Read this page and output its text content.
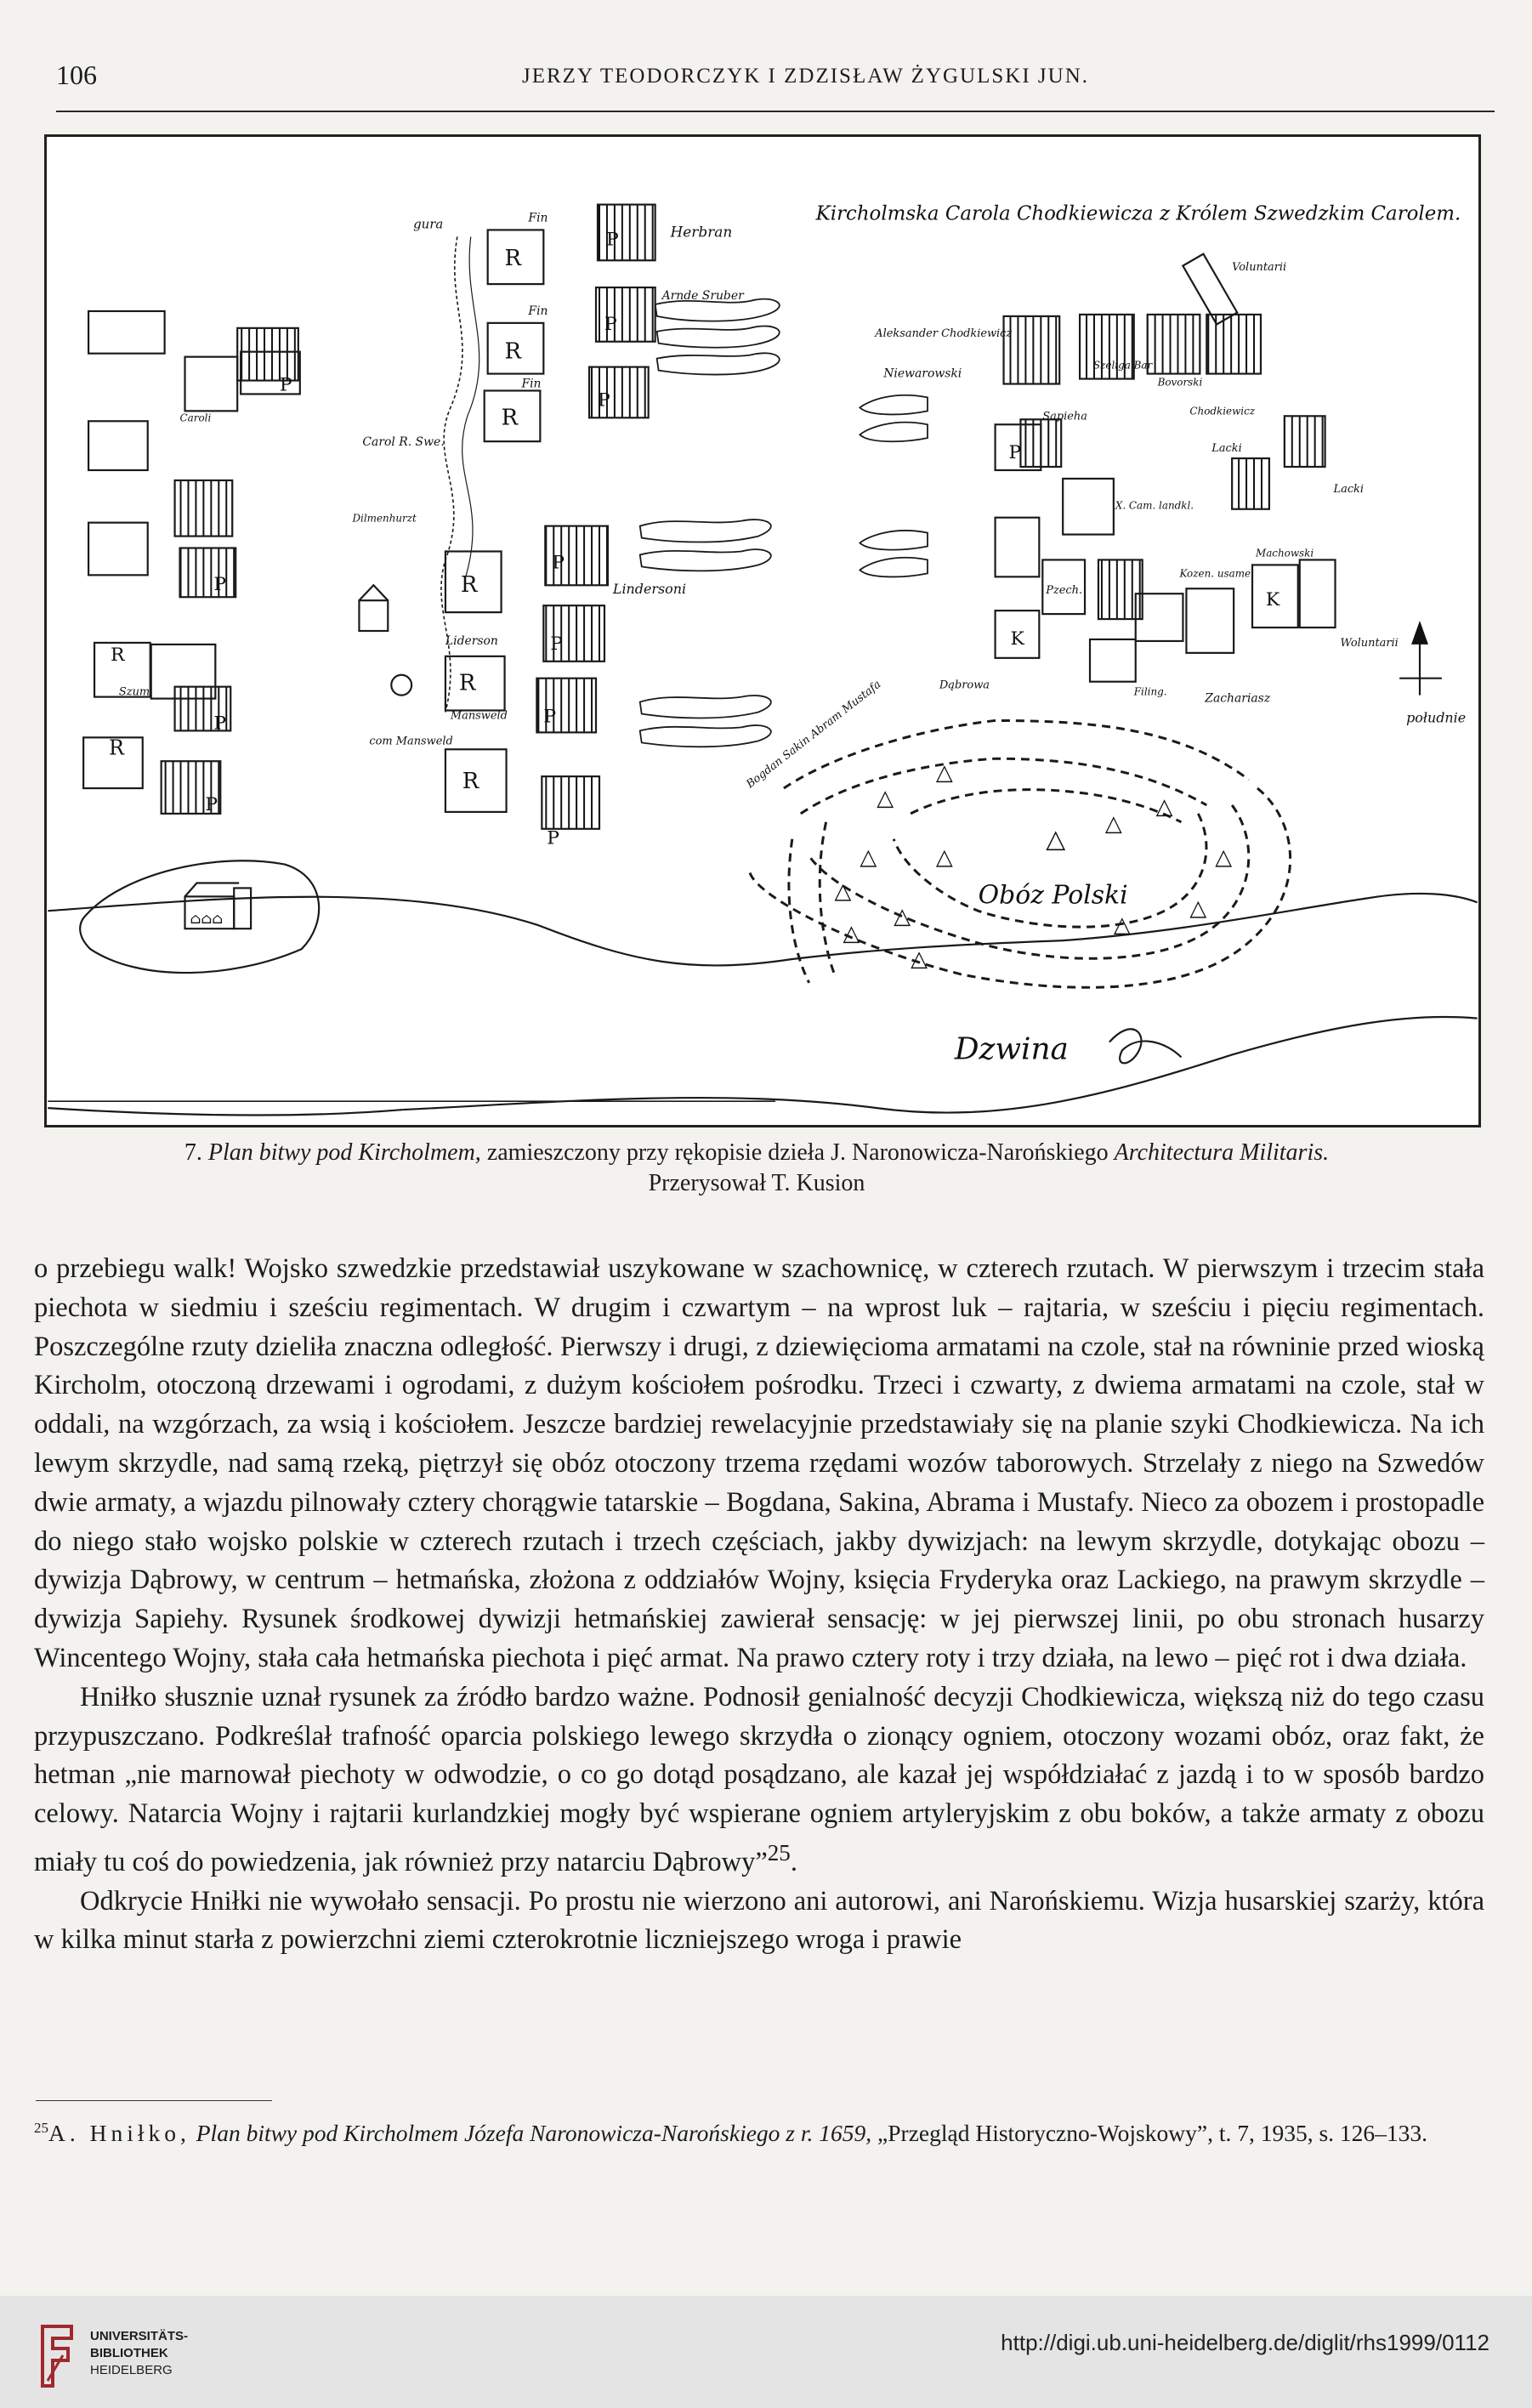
106	JERZY TEODORCZYK I ZDZISŁAW ŻYGULSKI JUN.
Kircholmska Carola Chodkiewicza z Królem Szwedzkim Carolem.
południe
⌂⌂⌂
Dzwina
R
R
Szum
P
P
P
P
Caroli
gura
Carol R. Swe.
Dilmenhurzt
com Mansweld
R
R
R
R
R
R
Fin
Fin
Fin
Liderson
Mansweld
P
P
P
P
P
P
P
Herbran
Arnde Sruber
Lindersoni
P
K
K
Aleksander Chodkiewicz
Niewarowski
Sapieha
Szeliga Bar
Bovorski
Chodkiewicz
Lacki
Lacki
Voluntarii
Woluntarii
Machowski
X. Cam. landkl.
Kozen. usame
Pzech.
Dąbrowa	Filing.	Zachariasz
Bogdan Sakin Abram Mustafa
△
△
△
△
△
△
△
△
△
△
△
△
△
△
Obóz Polski
7. Plan bitwy pod Kircholmem, zamieszczony przy rękopisie dzieła J. Naronowicza-Narońskiego Architectura Militaris.
Przerysował T. Kusion

o przebiegu walk! Wojsko szwedzkie przedstawiał uszykowane w szachownicę, w czterech rzutach. W pierwszym i trzecim stała piechota w siedmiu i sześciu regimentach. W drugim i czwartym – na wprost luk – rajtaria, w sześciu i pięciu regimentach. Poszczególne rzuty dzieliła znaczna odległość. Pierwszy i drugi, z dziewięcioma armatami na czole, stał na równinie przed wioską Kircholm, otoczoną drzewami i ogrodami, z dużym kościołem pośrodku. Trzeci i czwarty, z dwiema armatami na czole, stał w oddali, na wzgórzach, za wsią i kościołem. Jeszcze bardziej rewelacyjnie przedstawiały się na planie szyki Chodkiewicza. Na ich lewym skrzydle, nad samą rzeką, piętrzył się obóz otoczony trzema rzędami wozów taborowych. Strzelały z niego na Szwedów dwie armaty, a wjazdu pilnowały cztery chorągwie tatarskie – Bogdana, Sakina, Abrama i Mustafy. Nieco za obozem i prostopadle do niego stało wojsko polskie w czterech rzutach i trzech częściach, jakby dywizjach: na lewym skrzydle, dotykając obozu – dywizja Dąbrowy, w centrum – hetmańska, złożona z oddziałów Wojny, księcia Fryderyka oraz Lackiego, na prawym skrzydle – dywizja Sapiehy. Rysunek środkowej dywizji hetmańskiej zawierał sensację: w jej pierwszej linii, po obu stronach husarzy Wincentego Wojny, stała cała hetmańska piechota i pięć armat. Na prawo cztery roty i trzy działa, na lewo – pięć rot i dwa działa.

Hniłko słusznie uznał rysunek za źródło bardzo ważne. Podnosił genialność decyzji Chodkiewicza, większą niż do tego czasu przypuszczano. Podkreślał trafność oparcia polskiego lewego skrzydła o zionący ogniem, otoczony wozami obóz, oraz fakt, że hetman „nie marnował piechoty w odwodzie, o co go dotąd posądzano, ale kazał jej współdziałać z jazdą i to w sposób bardzo celowy. Natarcia Wojny i rajtarii kurlandzkiej mogły być wspierane ogniem artyleryjskim z obu boków, a także armaty z obozu miały tu coś do powiedzenia, jak również przy natarciu Dąbrowy”$^{25}$.

Odkrycie Hniłki nie wywołało sensacji. Po prostu nie wierzono ani autorowi, ani Narońskiemu. Wizja husarskiej szarży, która w kilka minut starła z powierzchni ziemi czterokrotnie liczniejszego wroga i prawie

$^{25}$A. Hniłko, Plan bitwy pod Kircholmem Józefa Naronowicza-Narońskiego z r. 1659, „Przegląd Historyczno-Wojskowy”, t. 7, 1935, s. 126–133.
UNIVERSITÄTS-
BIBLIOTHEK
HEIDELBERG
http://digi.ub.uni-heidelberg.de/diglit/rhs1999/0112
